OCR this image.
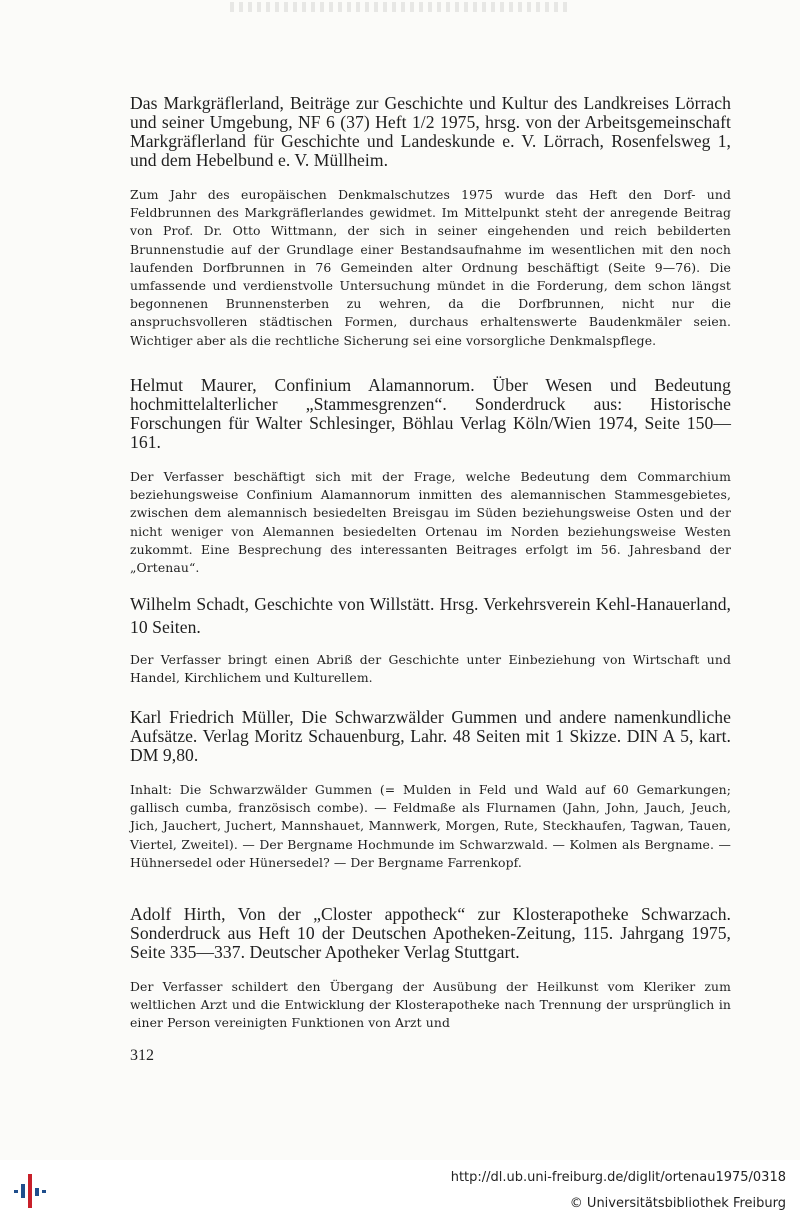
Das Markgräflerland, Beiträge zur Geschichte und Kultur des Landkreises Lörrach und seiner Umgebung, NF 6 (37) Heft 1/2 1975, hrsg. von der Arbeitsgemeinschaft Markgräflerland für Geschichte und Landeskunde e. V. Lörrach, Rosenfelsweg 1, und dem Hebelbund e. V. Müllheim.
Zum Jahr des europäischen Denkmalschutzes 1975 wurde das Heft den Dorf- und Feldbrunnen des Markgräflerlandes gewidmet. Im Mittelpunkt steht der anregende Beitrag von Prof. Dr. Otto Wittmann, der sich in seiner eingehenden und reich bebilderten Brunnenstudie auf der Grundlage einer Bestandsaufnahme im wesentlichen mit den noch laufenden Dorfbrunnen in 76 Gemeinden alter Ordnung beschäftigt (Seite 9—76). Die umfassende und verdienstvolle Untersuchung mündet in die Forderung, dem schon längst begonnenen Brunnensterben zu wehren, da die Dorfbrunnen, nicht nur die anspruchsvolleren städtischen Formen, durchaus erhaltenswerte Baudenkmäler seien. Wichtiger aber als die rechtliche Sicherung sei eine vorsorgliche Denkmalspflege.
Helmut Maurer, Confinium Alamannorum. Über Wesen und Bedeutung hochmittelalterlicher „Stammesgrenzen“. Sonderdruck aus: Historische Forschungen für Walter Schlesinger, Böhlau Verlag Köln/Wien 1974, Seite 150—161.
Der Verfasser beschäftigt sich mit der Frage, welche Bedeutung dem Commarchium beziehungsweise Confinium Alamannorum inmitten des alemannischen Stammesgebietes, zwischen dem alemannisch besiedelten Breisgau im Süden beziehungsweise Osten und der nicht weniger von Alemannen besiedelten Ortenau im Norden beziehungsweise Westen zukommt. Eine Besprechung des interessanten Beitrages erfolgt im 56. Jahresband der „Ortenau“.
Wilhelm Schadt, Geschichte von Willstätt. Hrsg. Verkehrsverein Kehl-Hanauerland, 10 Seiten.
Der Verfasser bringt einen Abriß der Geschichte unter Einbeziehung von Wirtschaft und Handel, Kirchlichem und Kulturellem.
Karl Friedrich Müller, Die Schwarzwälder Gummen und andere namenkundliche Aufsätze. Verlag Moritz Schauenburg, Lahr. 48 Seiten mit 1 Skizze. DIN A 5, kart. DM 9,80.
Inhalt: Die Schwarzwälder Gummen (= Mulden in Feld und Wald auf 60 Gemarkungen; gallisch cumba, französisch combe). — Feldmaße als Flurnamen (Jahn, John, Jauch, Jeuch, Jich, Jauchert, Juchert, Mannshauet, Mannwerk, Morgen, Rute, Steckhaufen, Tagwan, Tauen, Viertel, Zweitel). — Der Bergname Hochmunde im Schwarzwald. — Kolmen als Bergname. — Hühnersedel oder Hünersedel? — Der Bergname Farrenkopf.
Adolf Hirth, Von der „Closter appotheck“ zur Klosterapotheke Schwarzach. Sonderdruck aus Heft 10 der Deutschen Apotheken-Zeitung, 115. Jahrgang 1975, Seite 335—337. Deutscher Apotheker Verlag Stuttgart.
Der Verfasser schildert den Übergang der Ausübung der Heilkunst vom Kleriker zum weltlichen Arzt und die Entwicklung der Klosterapotheke nach Trennung der ursprünglich in einer Person vereinigten Funktionen von Arzt und
312
http://dl.ub.uni-freiburg.de/diglit/ortenau1975/0318
© Universitätsbibliothek Freiburg
